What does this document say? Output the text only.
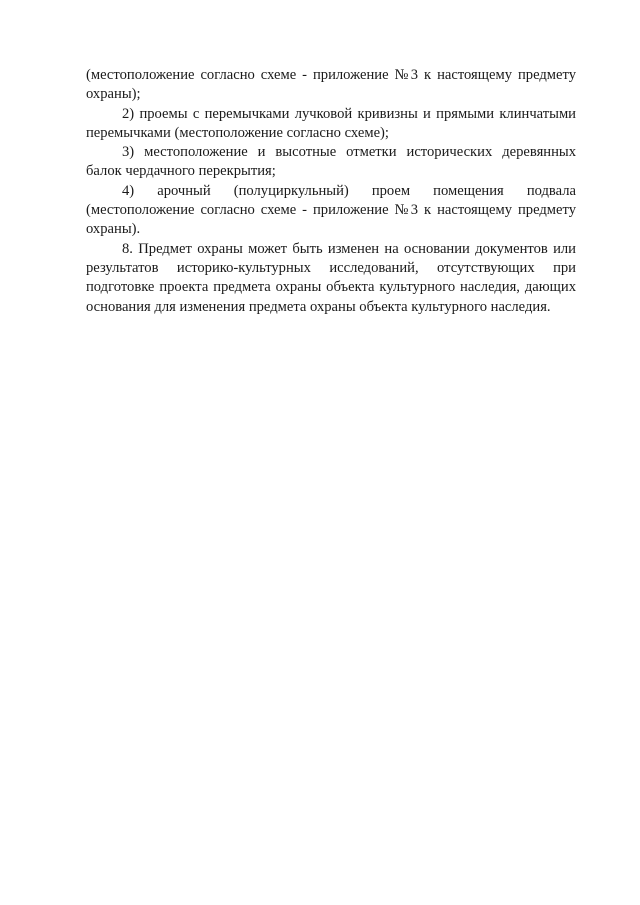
(местоположение согласно схеме - приложение №3 к настоящему предмету охраны);

2) проемы с перемычками лучковой кривизны и прямыми клинчатыми перемычками (местоположение согласно схеме);

3) местоположение и высотные отметки исторических деревянных балок чердачного перекрытия;

4) арочный (полуциркульный) проем помещения подвала (местоположение согласно схеме - приложение №3 к настоящему предмету охраны).

8. Предмет охраны может быть изменен на основании документов или результатов историко-культурных исследований, отсутствующих при подготовке проекта предмета охраны объекта культурного наследия, дающих основания для изменения предмета охраны объекта культурного наследия.
